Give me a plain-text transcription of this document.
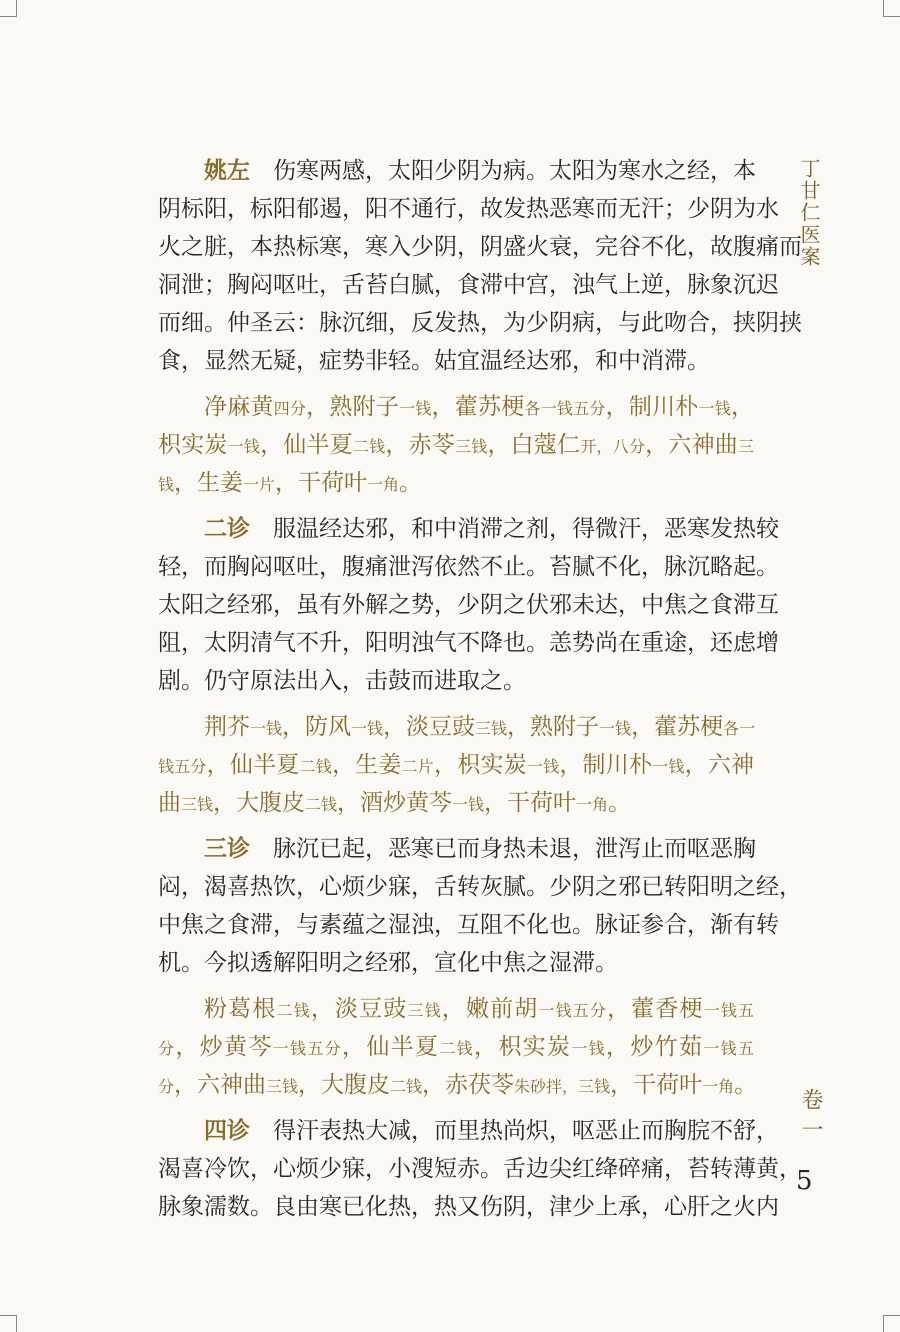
姚左　伤寒两感，太阳少阴为病。太阳为寒水之经，本
阴标阳，标阳郁遏，阳不通行，故发热恶寒而无汗；少阴为水
火之脏，本热标寒，寒入少阴，阴盛火衰，完谷不化，故腹痛而
洞泄；胸闷呕吐，舌苔白腻，食滞中宫，浊气上逆，脉象沉迟
而细。仲圣云：脉沉细，反发热，为少阴病，与此吻合，挟阴挟
食，显然无疑，症势非轻。姑宜温经达邪，和中消滞。
净麻黄四分，熟附子一钱，藿苏梗各一钱五分，制川朴一钱，
枳实炭一钱，仙半夏二钱，赤苓三钱，白蔻仁开，八分，六神曲三
钱，生姜一片，干荷叶一角。
二诊　服温经达邪，和中消滞之剂，得微汗，恶寒发热较
轻，而胸闷呕吐，腹痛泄泻依然不止。苔腻不化，脉沉略起。
太阳之经邪，虽有外解之势，少阴之伏邪未达，中焦之食滞互
阻，太阴清气不升，阳明浊气不降也。恙势尚在重途，还虑增
剧。仍守原法出入，击鼓而进取之。
荆芥一钱，防风一钱，淡豆豉三钱，熟附子一钱，藿苏梗各一
钱五分，仙半夏二钱，生姜二片，枳实炭一钱，制川朴一钱，六神
曲三钱，大腹皮二钱，酒炒黄芩一钱，干荷叶一角。
三诊　脉沉已起，恶寒已而身热未退，泄泻止而呕恶胸
闷，渴喜热饮，心烦少寐，舌转灰腻。少阴之邪已转阳明之经，
中焦之食滞，与素蕴之湿浊，互阻不化也。脉证参合，渐有转
机。今拟透解阳明之经邪，宣化中焦之湿滞。
粉葛根二钱，淡豆豉三钱，嫩前胡一钱五分，藿香梗一钱五
分，炒黄芩一钱五分，仙半夏二钱，枳实炭一钱，炒竹茹一钱五
分，六神曲三钱，大腹皮二钱，赤茯苓朱砂拌，三钱，干荷叶一角。
四诊　得汗表热大减，而里热尚炽，呕恶止而胸脘不舒，
渴喜冷饮，心烦少寐，小溲短赤。舌边尖红绛碎痛，苔转薄黄，
脉象濡数。良由寒已化热，热又伤阴，津少上承，心肝之火内
丁甘仁医案
卷一
5
